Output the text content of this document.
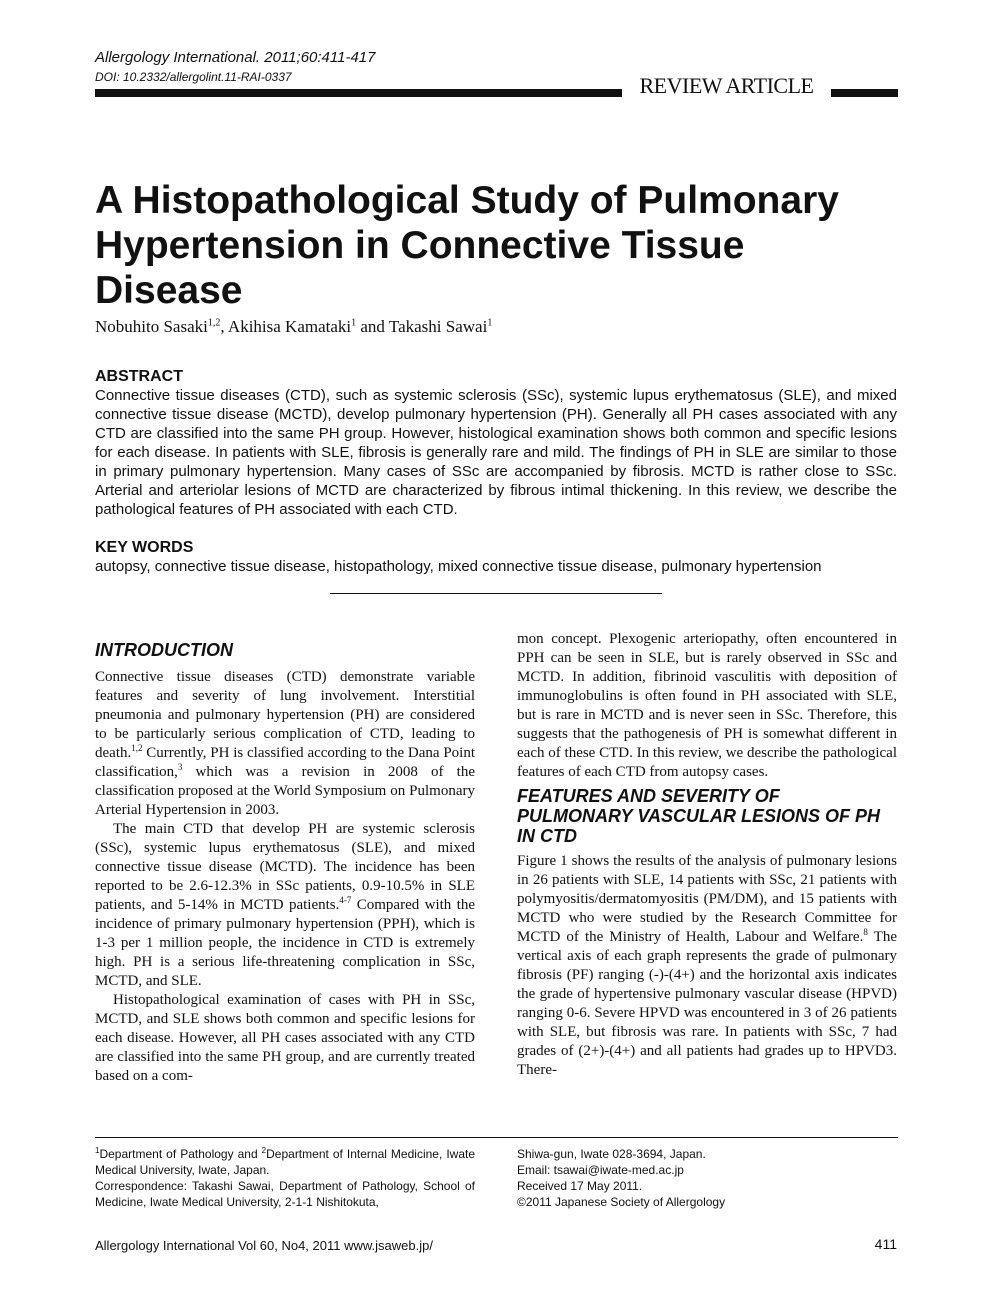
Allergology International. 2011;60:411-417
DOI: 10.2332/allergolint.11-RAI-0337	REVIEW ARTICLE
A Histopathological Study of Pulmonary Hypertension in Connective Tissue Disease
Nobuhito Sasaki$^{1,2}$, Akihisa Kamataki$^1$ and Takashi Sawai$^1$
ABSTRACT

Connective tissue diseases (CTD), such as systemic sclerosis (SSc), systemic lupus erythematosus (SLE), and mixed connective tissue disease (MCTD), develop pulmonary hypertension (PH). Generally all PH cases associated with any CTD are classified into the same PH group. However, histological examination shows both common and specific lesions for each disease. In patients with SLE, fibrosis is generally rare and mild. The findings of PH in SLE are similar to those in primary pulmonary hypertension. Many cases of SSc are accompanied by fibrosis. MCTD is rather close to SSc. Arterial and arteriolar lesions of MCTD are characterized by fibrous intimal thickening. In this review, we describe the pathological features of PH associated with each CTD.

KEY WORDS

autopsy, connective tissue disease, histopathology, mixed connective tissue disease, pulmonary hypertension

INTRODUCTION

Connective tissue diseases (CTD) demonstrate variable features and severity of lung involvement. Interstitial pneumonia and pulmonary hypertension (PH) are considered to be particularly serious complication of CTD, leading to death.$^{1,2}$ Currently, PH is classified according to the Dana Point classification,$^3$ which was a revision in 2008 of the classification proposed at the World Symposium on Pulmonary Arterial Hypertension in 2003.

The main CTD that develop PH are systemic sclerosis (SSc), systemic lupus erythematosus (SLE), and mixed connective tissue disease (MCTD). The incidence has been reported to be 2.6-12.3% in SSc patients, 0.9-10.5% in SLE patients, and 5-14% in MCTD patients.$^{4-7}$ Compared with the incidence of primary pulmonary hypertension (PPH), which is 1-3 per 1 million people, the incidence in CTD is extremely high. PH is a serious life-threatening complication in SSc, MCTD, and SLE.

Histopathological examination of cases with PH in SSc, MCTD, and SLE shows both common and specific lesions for each disease. However, all PH cases associated with any CTD are classified into the same PH group, and are currently treated based on a com-

mon concept. Plexogenic arteriopathy, often encountered in PPH can be seen in SLE, but is rarely observed in SSc and MCTD. In addition, fibrinoid vasculitis with deposition of immunoglobulins is often found in PH associated with SLE, but is rare in MCTD and is never seen in SSc. Therefore, this suggests that the pathogenesis of PH is somewhat different in each of these CTD. In this review, we describe the pathological features of each CTD from autopsy cases.

FEATURES AND SEVERITY OF PULMONARY VASCULAR LESIONS OF PH IN CTD

Figure 1 shows the results of the analysis of pulmonary lesions in 26 patients with SLE, 14 patients with SSc, 21 patients with polymyositis/dermatomyositis (PM/DM), and 15 patients with MCTD who were studied by the Research Committee for MCTD of the Ministry of Health, Labour and Welfare.$^8$ The vertical axis of each graph represents the grade of pulmonary fibrosis (PF) ranging (-)-(4+) and the horizontal axis indicates the grade of hypertensive pulmonary vascular disease (HPVD) ranging 0-6. Severe HPVD was encountered in 3 of 26 patients with SLE, but fibrosis was rare. In patients with SSc, 7 had grades of (2+)-(4+) and all patients had grades up to HPVD3. There-

$^1$Department of Pathology and $^2$Department of Internal Medicine, Iwate Medical University, Iwate, Japan.

Correspondence: Takashi Sawai, Department of Pathology, School of Medicine, Iwate Medical University, 2-1-1 Nishitokuta,

Shiwa-gun, Iwate 028-3694, Japan.

Email: tsawai@iwate-med.ac.jp

Received 17 May 2011.

©2011 Japanese Society of Allergology

Allergology International Vol 60, No4, 2011 www.jsaweb.jp/	411
